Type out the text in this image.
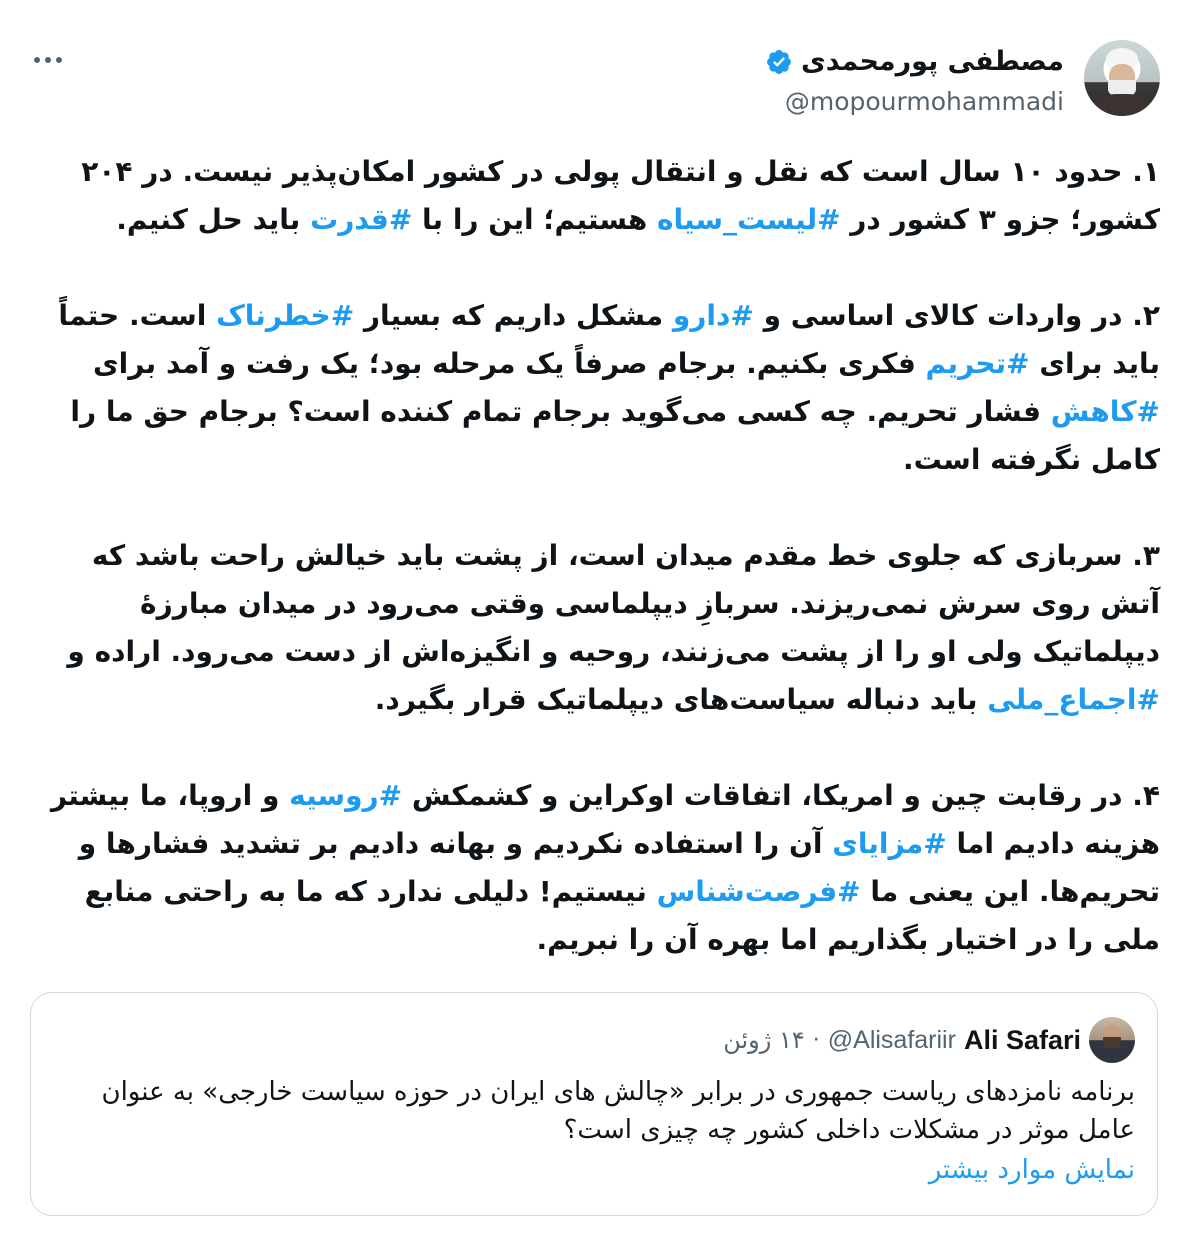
مصطفی پورمحمدی
@mopourmohammadi

۱. حدود ۱۰ سال است که نقل و انتقال پولی در کشور امکان‌پذیر نیست. در ۲۰۴ کشور؛ جزو ۳ کشور در #لیست_سیاه هستیم؛ این را با #قدرت باید حل کنیم.

۲. در واردات کالای اساسی و #دارو مشکل داریم که بسیار #خطرناک است. حتماً باید برای #تحریم فکری بکنیم. برجام صرفاً یک مرحله بود؛ یک رفت و آمد برای #کاهش فشار تحریم. چه کسی می‌گوید برجام تمام کننده است؟ برجام حق ما را کامل نگرفته است.

۳. سربازی که جلوی خط مقدم میدان است، از پشت باید خیالش راحت باشد که آتش روی سرش نمی‌ریزند. سربازِ دیپلماسی وقتی می‌رود در میدان مبارزۀ دیپلماتیک ولی او را از پشت می‌زنند، روحیه و انگیزه‌اش از دست می‌رود. اراده و #اجماع_ملی باید دنباله سیاست‌های دیپلماتیک قرار بگیرد.

۴. در رقابت چین و امریکا، اتفاقات اوکراین و کشمکش #روسیه و اروپا، ما بیشتر هزینه دادیم اما #مزایای آن را استفاده نکردیم و بهانه دادیم بر تشدید فشارها و تحریم‌ها. این یعنی ما #فرصت‌شناس نیستیم! دلیلی ندارد که ما به راحتی منابع ملی را در اختیار بگذاریم اما بهره آن را نبریم.

Ali Safari
@Alisafariir
·
۱۴ ژوئن
برنامه نامزدهای ریاست جمهوری در برابر «چالش های ایران در حوزه سیاست خارجی» به عنوان عامل موثر در مشکلات داخلی کشور چه چیزی است؟
نمایش موارد بیشتر
